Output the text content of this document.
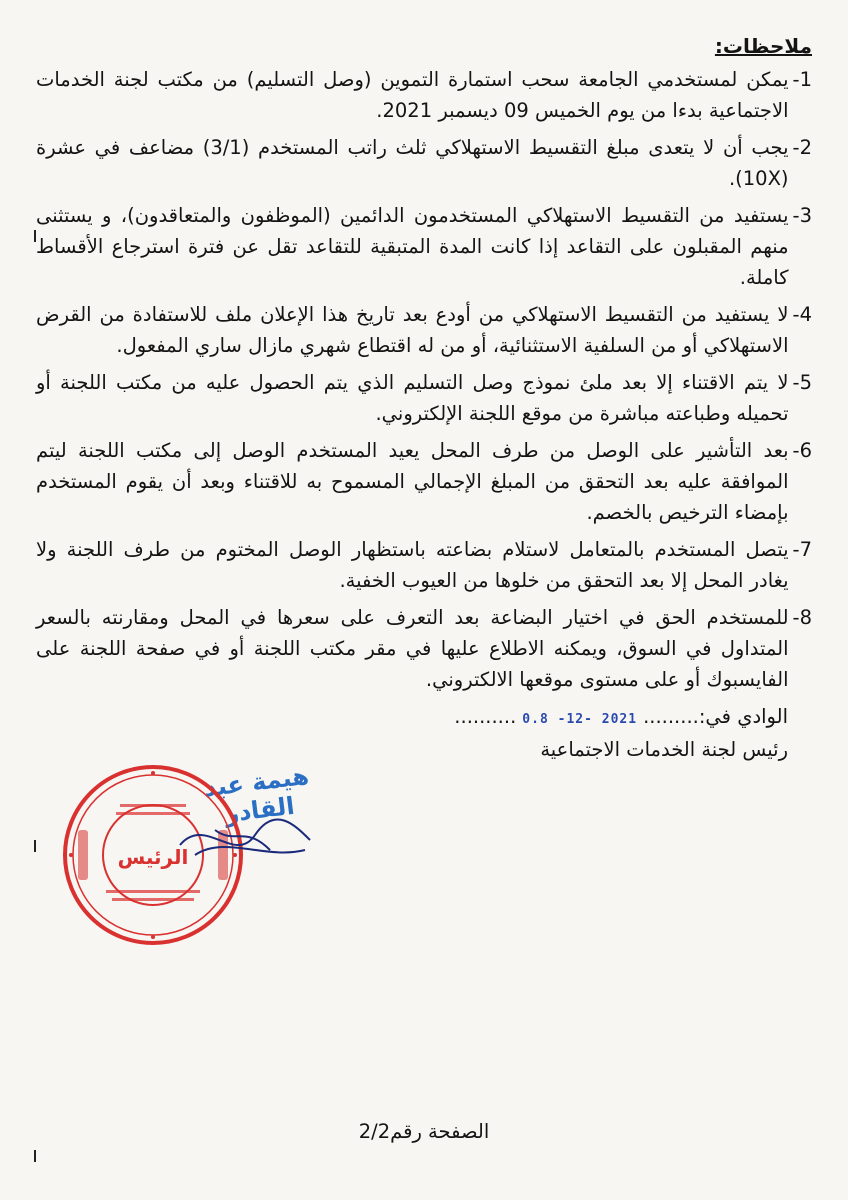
ملاحظات:
1-
يمكن لمستخدمي الجامعة سحب استمارة التموين (وصل التسليم) من مكتب لجنة الخدمات الاجتماعية بدءا من يوم الخميس 09 ديسمبر 2021.
2-
يجب أن لا يتعدى مبلغ التقسيط الاستهلاكي ثلث راتب المستخدم (3/1) مضاعف في عشرة (10X).
3-
يستفيد من التقسيط الاستهلاكي المستخدمون الدائمين (الموظفون والمتعاقدون)، و يستثنى منهم المقبلون على التقاعد إذا كانت المدة المتبقية للتقاعد تقل عن فترة استرجاع الأقساط كاملة.
4-
لا يستفيد من التقسيط الاستهلاكي من أودع بعد تاريخ هذا الإعلان ملف للاستفادة من القرض الاستهلاكي أو من السلفية الاستثنائية، أو من له اقتطاع شهري مازال ساري المفعول.
5-
لا يتم الاقتناء إلا بعد ملئ نموذج وصل التسليم الذي يتم الحصول عليه من مكتب اللجنة أو تحميله وطباعته مباشرة من موقع اللجنة الإلكتروني.
6-
بعد التأشير على الوصل من طرف المحل يعيد المستخدم الوصل إلى مكتب اللجنة ليتم الموافقة عليه بعد التحقق من المبلغ الإجمالي المسموح به للاقتناء وبعد أن يقوم المستخدم بإمضاء الترخيص بالخصم.
7-
يتصل المستخدم بالمتعامل لاستلام بضاعته باستظهار الوصل المختوم من طرف اللجنة ولا يغادر المحل إلا بعد التحقق من خلوها من العيوب الخفية.
8-
للمستخدم الحق في اختيار البضاعة بعد التعرف على سعرها في المحل ومقارنته بالسعر المتداول في السوق، ويمكنه الاطلاع عليها في مقر مكتب اللجنة أو في صفحة اللجنة على الفايسبوك أو على مستوى موقعها الالكتروني.
الوادي في:.........
2021 -12- 0.8
..........
رئيس لجنة الخدمات الاجتماعية
هيمة عبد القادر
الرئيس
الصفحة رقم2/2
